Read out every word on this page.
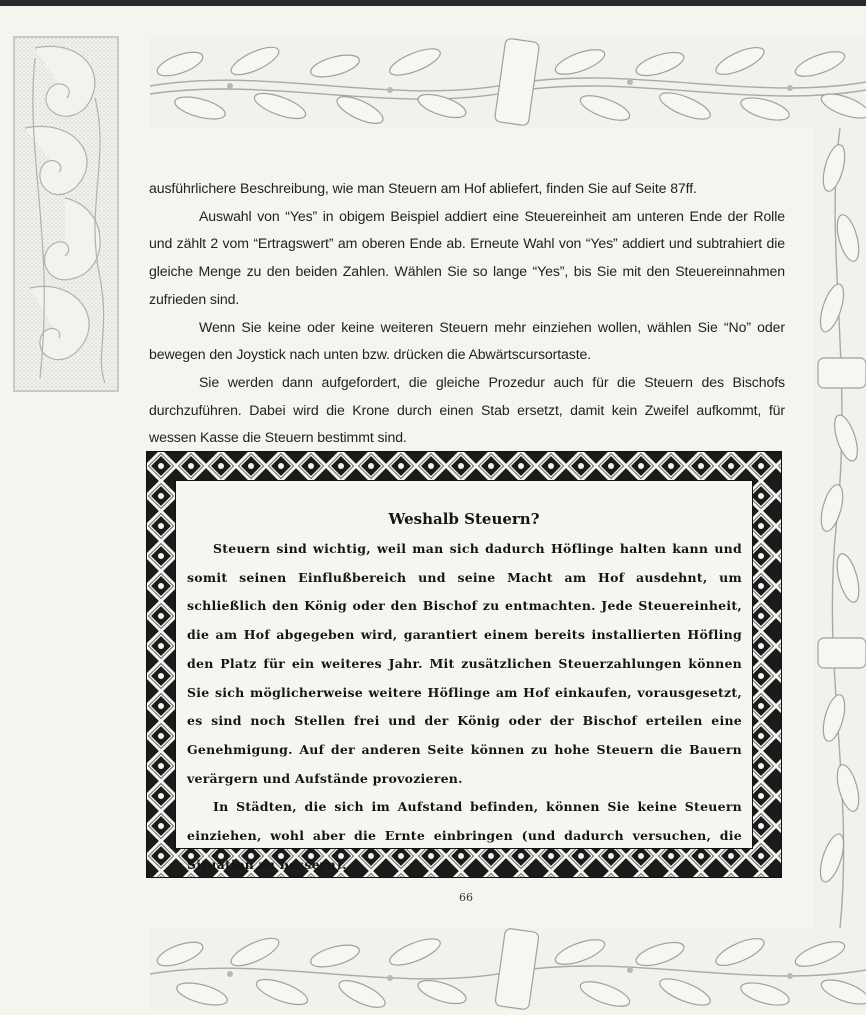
ausführlichere Beschreibung, wie man Steuern am Hof abliefert, finden Sie auf Seite 87ff.

Auswahl von “Yes” in obigem Beispiel addiert eine Steuereinheit am unteren Ende der Rolle und zählt 2 vom “Ertragswert” am oberen Ende ab. Erneute Wahl von “Yes” addiert und subtrahiert die gleiche Menge zu den beiden Zahlen. Wählen Sie so lange “Yes”, bis Sie mit den Steuereinnahmen zufrieden sind.

Wenn Sie keine oder keine weiteren Steuern mehr einziehen wollen, wählen Sie “No” oder bewegen den Joystick nach unten bzw. drücken die Abwärtscursortaste.

Sie werden dann aufgefordert, die gleiche Prozedur auch für die Steuern des Bischofs durchzuführen. Dabei wird die Krone durch einen Stab ersetzt, damit kein Zweifel aufkommt, für wessen Kasse die Steuern bestimmt sind.

Weshalb Steuern?

Steuern sind wichtig, weil man sich dadurch Höflinge halten kann und somit seinen Einflußbereich und seine Macht am Hof ausdehnt, um schließlich den König oder den Bischof zu entmachten. Jede Steuereinheit, die am Hof abgegeben wird, garantiert einem bereits installierten Höfling den Platz für ein weiteres Jahr. Mit zusätzlichen Steuerzahlungen können Sie sich möglicherweise weitere Höflinge am Hof einkaufen, vorausgesetzt, es sind noch Stellen frei und der König oder der Bischof erteilen eine Genehmigung. Auf der anderen Seite können zu hohe Steuern die Bauern verärgern und Aufstände provozieren.

In Städten, die sich im Aufstand befinden, können Sie keine Steuern einziehen, wohl aber die Ernte einbringen (und dadurch versuchen, die Situation zu bessern).

66
